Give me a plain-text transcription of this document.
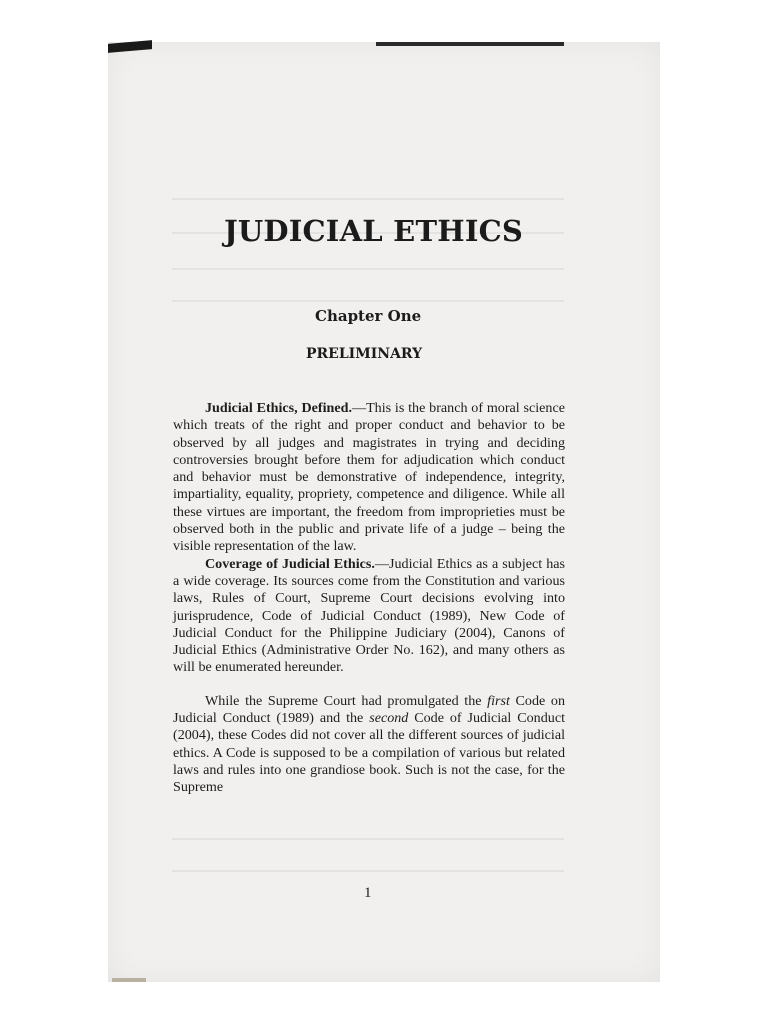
JUDICIAL ETHICS
Chapter One
PRELIMINARY

Judicial Ethics, Defined.—This is the branch of moral science which treats of the right and proper conduct and behavior to be observed by all judges and magistrates in trying and deciding controversies brought before them for adjudication which conduct and behavior must be demonstrative of independence, integrity, impartiality, equality, propriety, competence and diligence. While all these virtues are important, the freedom from improprieties must be observed both in the public and private life of a judge – being the visible representation of the law.

Coverage of Judicial Ethics.—Judicial Ethics as a subject has a wide coverage. Its sources come from the Constitution and various laws, Rules of Court, Supreme Court decisions evolving into jurisprudence, Code of Judicial Conduct (1989), New Code of Judicial Conduct for the Philippine Judiciary (2004), Canons of Judicial Ethics (Administrative Order No. 162), and many others as will be enumerated hereunder.

While the Supreme Court had promulgated the first Code on Judicial Conduct (1989) and the second Code of Judicial Conduct (2004), these Codes did not cover all the different sources of judicial ethics. A Code is supposed to be a compilation of various but related laws and rules into one grandiose book. Such is not the case, for the Supreme

1
